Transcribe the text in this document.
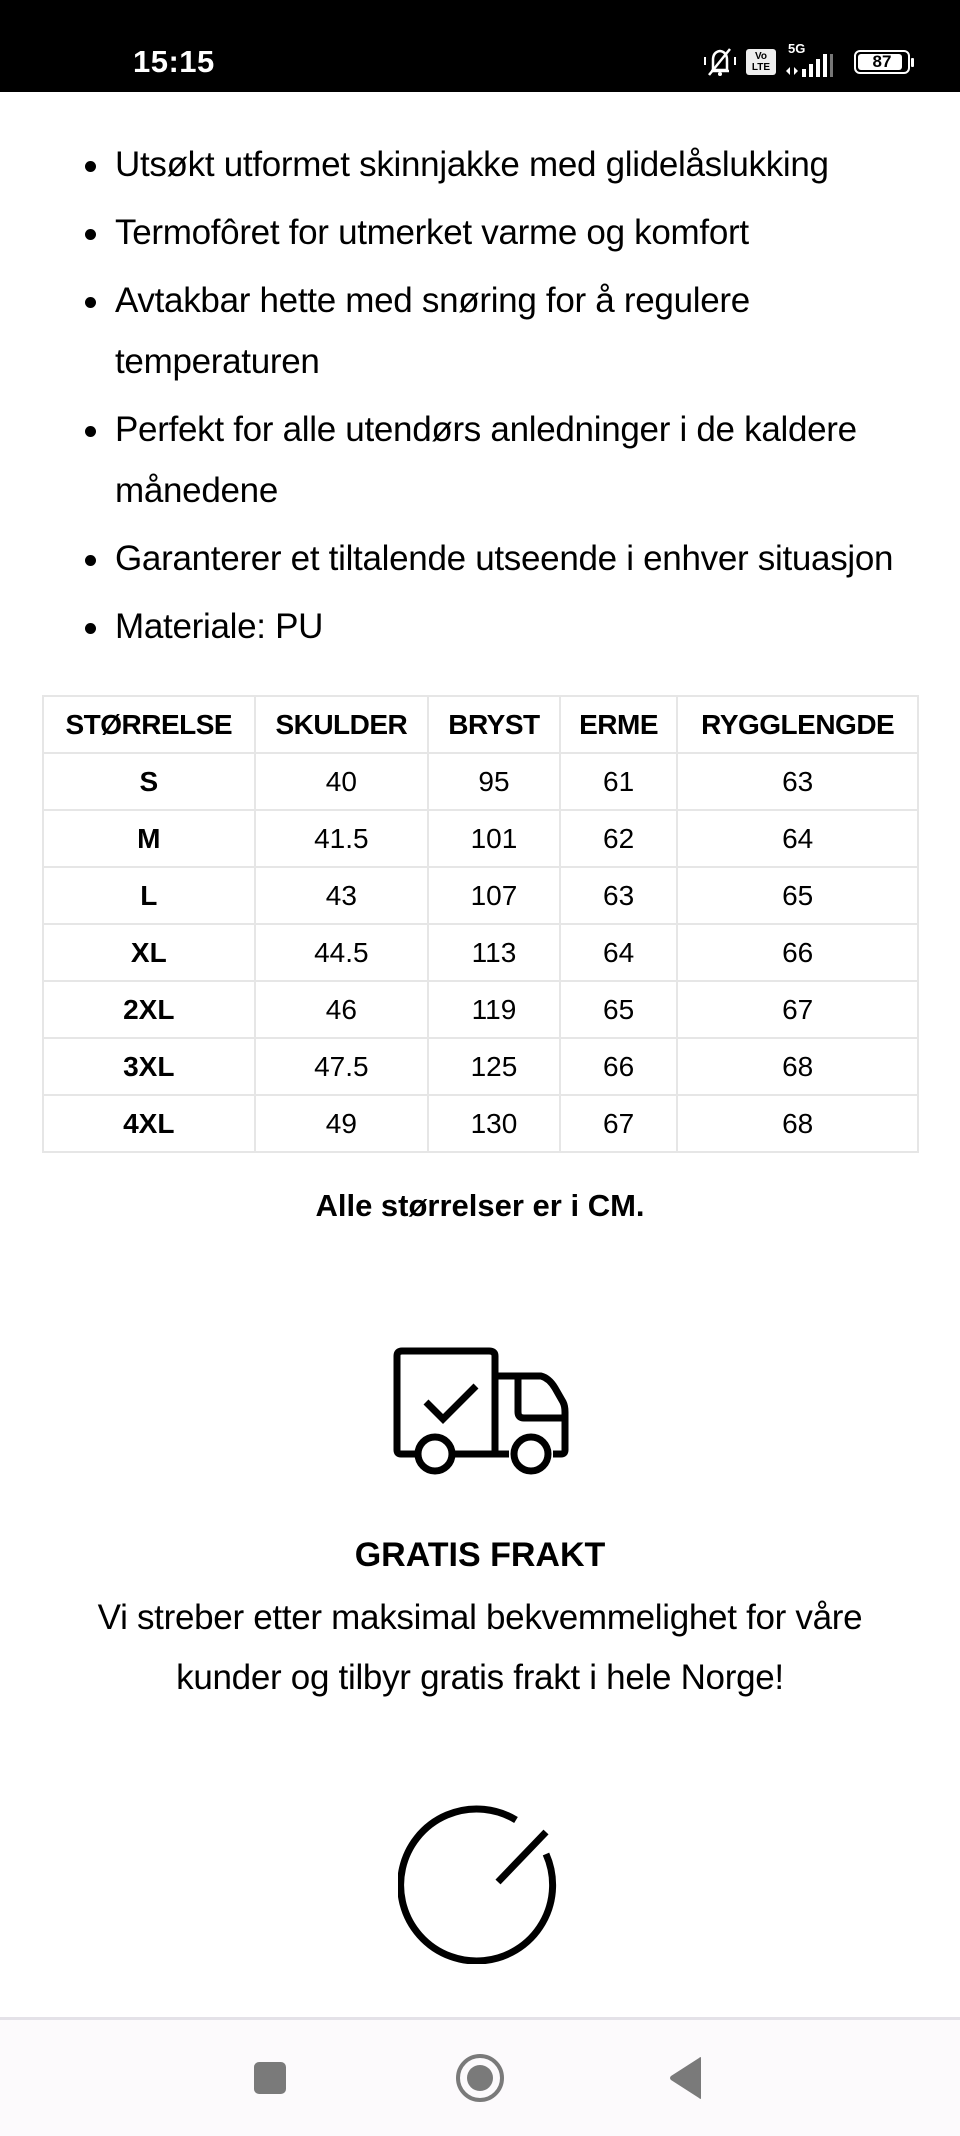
15:15	Vo
LTE
5G
87
Utsøkt utformet skinnjakke med glidelåslukking
Termofôret for utmerket varme og komfort
Avtakbar hette med snøring for å regulere temperaturen
Perfekt for alle utendørs anledninger i de kaldere månedene
Garanterer et tiltalende utseende i enhver situasjon
Materiale: PU
STØRRELSE	SKULDER	BRYST	ERME	RYGGLENGDE
S	40	95	61	63
M	41.5	101	62	64
L	43	107	63	65
XL	44.5	113	64	66
2XL	46	119	65	67
3XL	47.5	125	66	68
4XL	49	130	67	68
Alle størrelser er i CM.
GRATIS FRAKT
Vi streber etter maksimal bekvemmelighet for våre kunder og tilbyr gratis frakt i hele Norge!
